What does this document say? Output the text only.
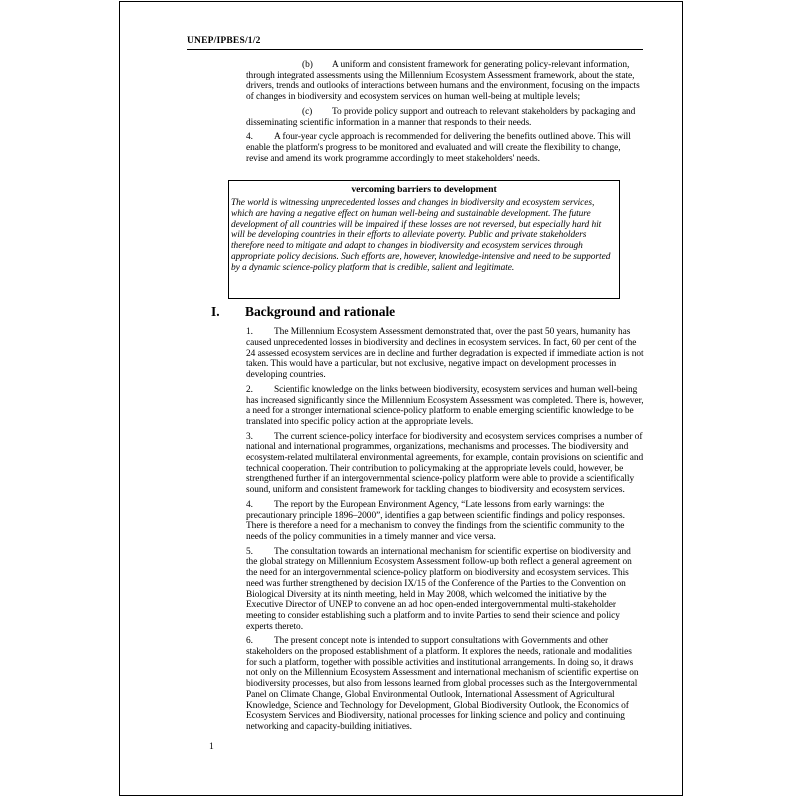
UNEP/IPBES/1/2

(b) A uniform and consistent framework for generating policy-relevant information, through integrated assessments using the Millennium Ecosystem Assessment framework, about the state, drivers, trends and outlooks of interactions between humans and the environment, focusing on the impacts of changes in biodiversity and ecosystem services on human well-being at multiple levels;

(c) To provide policy support and outreach to relevant stakeholders by packaging and disseminating scientific information in a manner that responds to their needs.

4. A four-year cycle approach is recommended for delivering the benefits outlined above. This will enable the platform's progress to be monitored and evaluated and will create the flexibility to change, revise and amend its work programme accordingly to meet stakeholders' needs.

vercoming barriers to development
The world is witnessing unprecedented losses and changes in biodiversity and ecosystem services, which are having a negative effect on human well-being and sustainable development. The future development of all countries will be impaired if these losses are not reversed, but especially hard hit will be developing countries in their efforts to alleviate poverty. Public and private stakeholders therefore need to mitigate and adapt to changes in biodiversity and ecosystem services through appropriate policy decisions. Such efforts are, however, knowledge-intensive and need to be supported by a dynamic science-policy platform that is credible, salient and legitimate.
I. Background and rationale

1. The Millennium Ecosystem Assessment demonstrated that, over the past 50 years, humanity has caused unprecedented losses in biodiversity and declines in ecosystem services. In fact, 60 per cent of the 24 assessed ecosystem services are in decline and further degradation is expected if immediate action is not taken. This would have a particular, but not exclusive, negative impact on development processes in developing countries.

2. Scientific knowledge on the links between biodiversity, ecosystem services and human well-being has increased significantly since the Millennium Ecosystem Assessment was completed. There is, however, a need for a stronger international science-policy platform to enable emerging scientific knowledge to be translated into specific policy action at the appropriate levels.

3. The current science-policy interface for biodiversity and ecosystem services comprises a number of national and international programmes, organizations, mechanisms and processes. The biodiversity and ecosystem-related multilateral environmental agreements, for example, contain provisions on scientific and technical cooperation. Their contribution to policymaking at the appropriate levels could, however, be strengthened further if an intergovernmental science-policy platform were able to provide a scientifically sound, uniform and consistent framework for tackling changes to biodiversity and ecosystem services.

4. The report by the European Environment Agency, “Late lessons from early warnings: the precautionary principle 1896–2000”, identifies a gap between scientific findings and policy responses. There is therefore a need for a mechanism to convey the findings from the scientific community to the needs of the policy communities in a timely manner and vice versa.

5. The consultation towards an international mechanism for scientific expertise on biodiversity and the global strategy on Millennium Ecosystem Assessment follow-up both reflect a general agreement on the need for an intergovernmental science-policy platform on biodiversity and ecosystem services. This need was further strengthened by decision IX/15 of the Conference of the Parties to the Convention on Biological Diversity at its ninth meeting, held in May 2008, which welcomed the initiative by the Executive Director of UNEP to convene an ad hoc open-ended intergovernmental multi-stakeholder meeting to consider establishing such a platform and to invite Parties to send their science and policy experts thereto.

6. The present concept note is intended to support consultations with Governments and other stakeholders on the proposed establishment of a platform. It explores the needs, rationale and modalities for such a platform, together with possible activities and institutional arrangements. In doing so, it draws not only on the Millennium Ecosystem Assessment and international mechanism of scientific expertise on biodiversity processes, but also from lessons learned from global processes such as the Intergovernmental Panel on Climate Change, Global Environmental Outlook, International Assessment of Agricultural Knowledge, Science and Technology for Development, Global Biodiversity Outlook, the Economics of Ecosystem Services and Biodiversity, national processes for linking science and policy and continuing networking and capacity-building initiatives.

1
